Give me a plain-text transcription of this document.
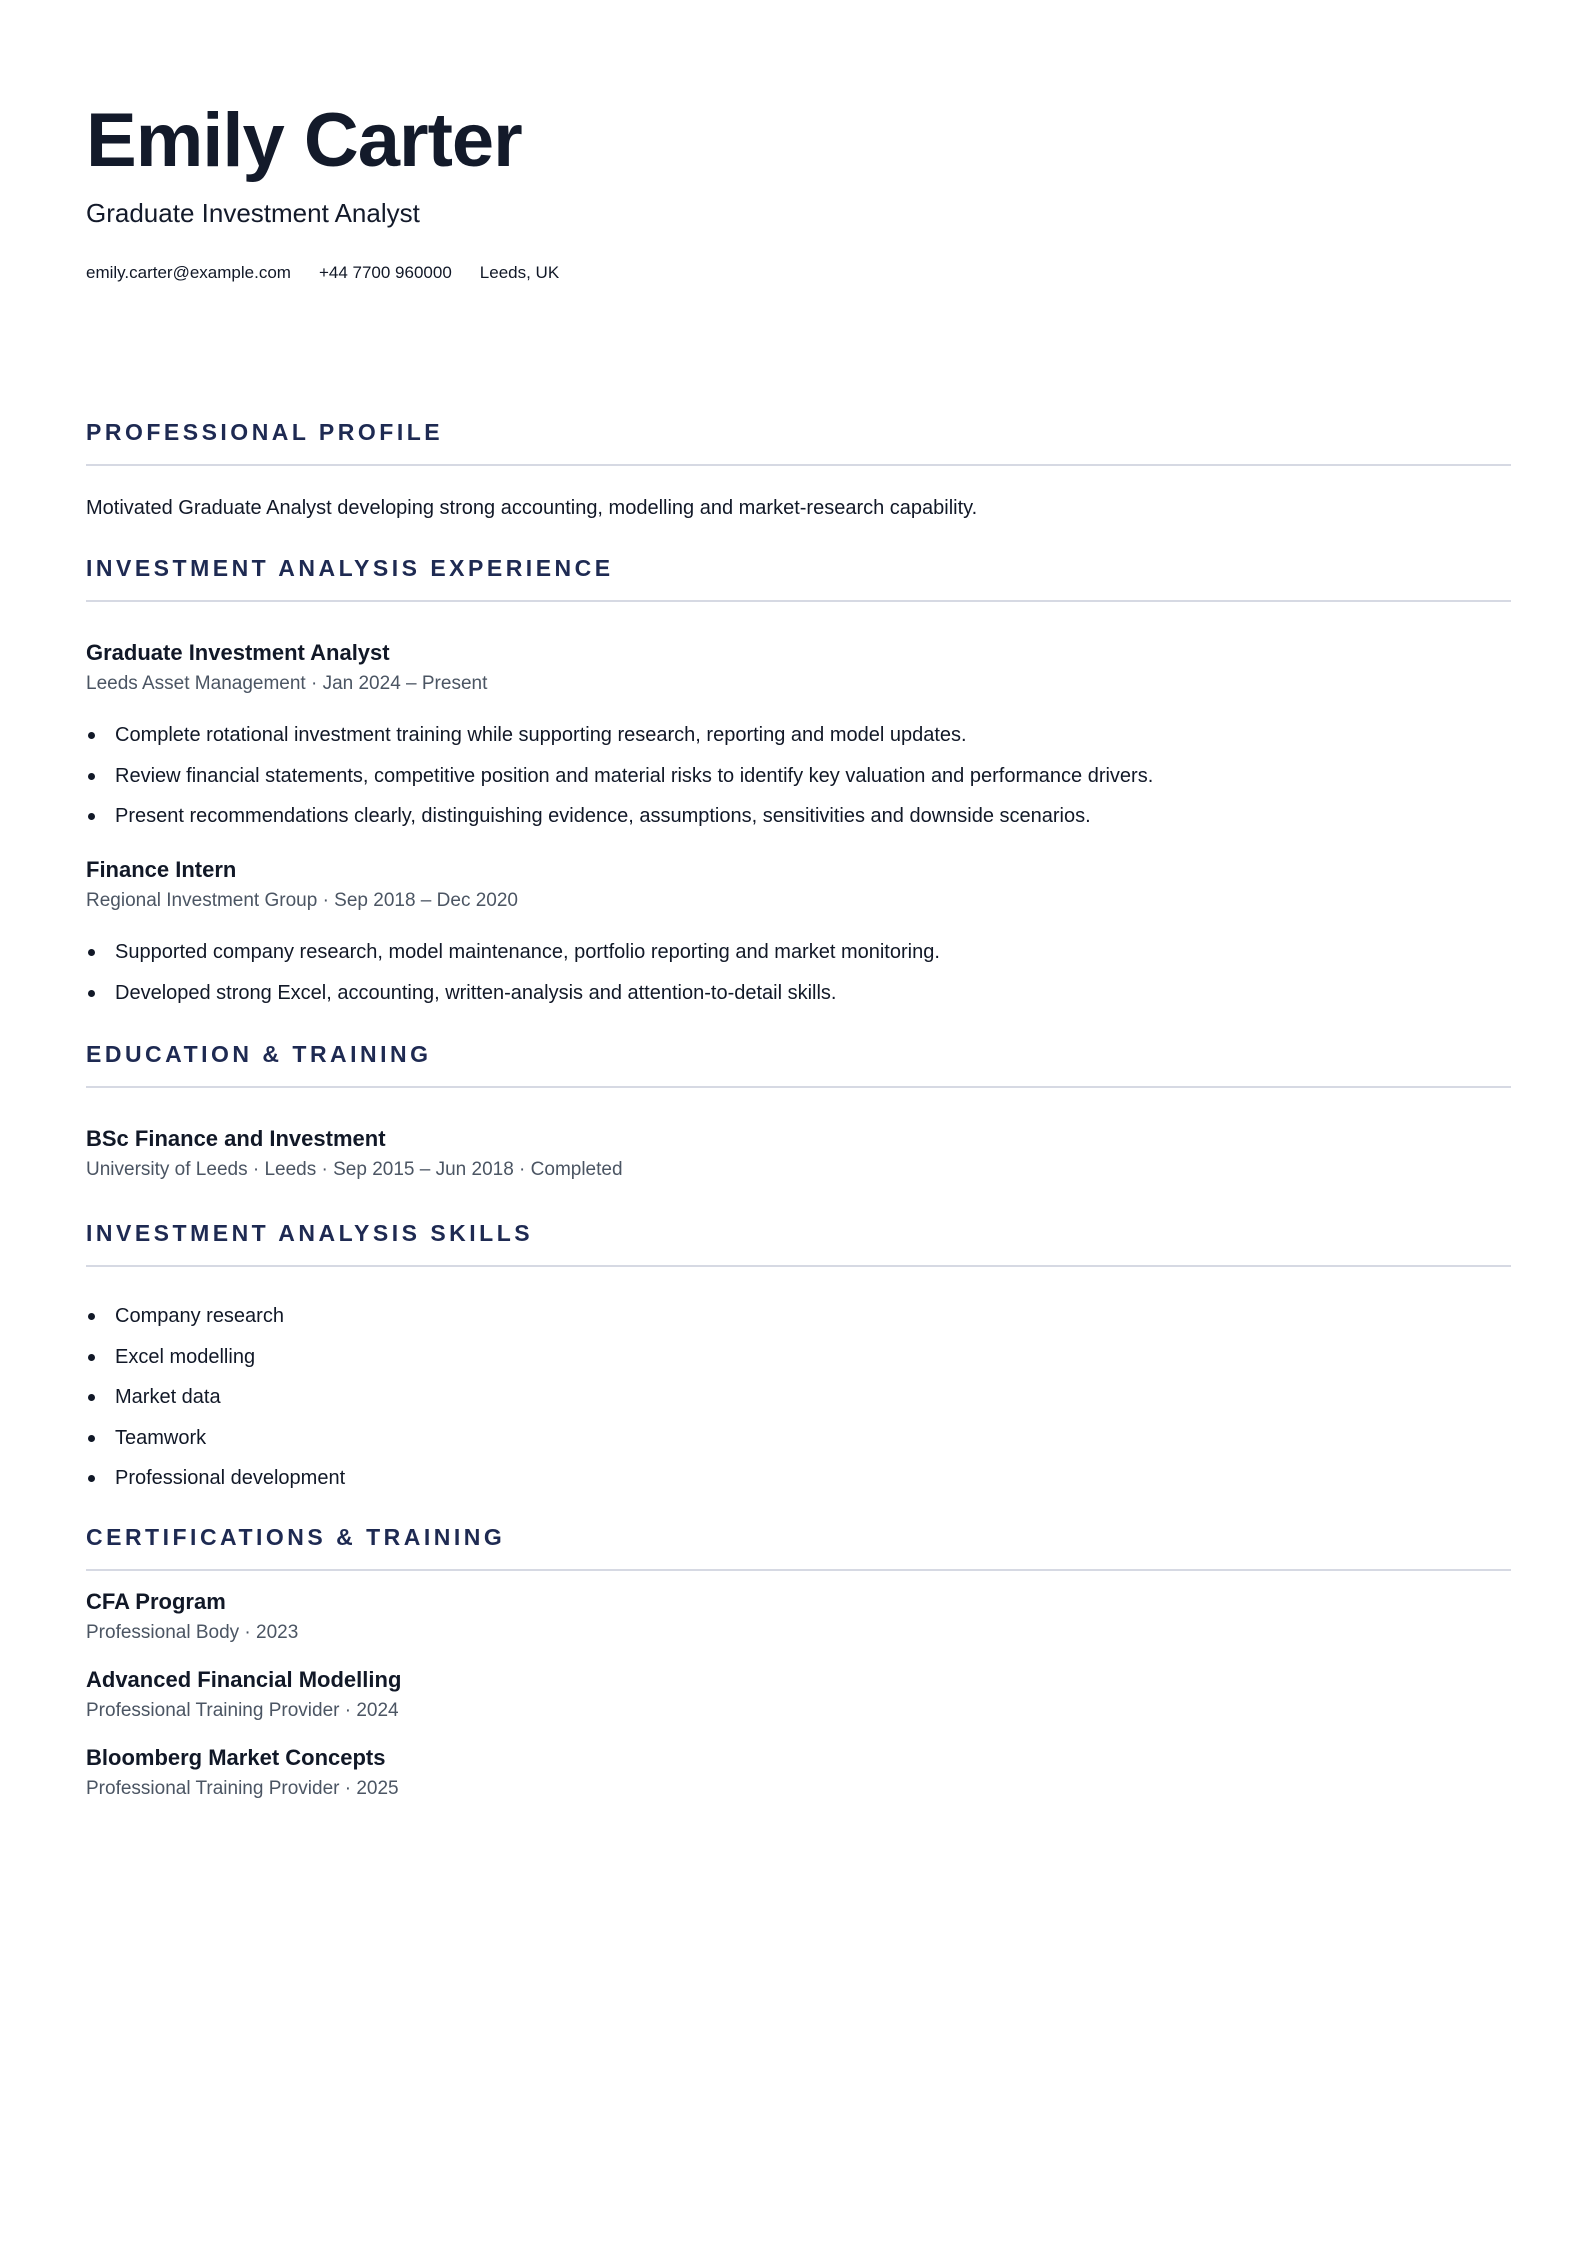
Emily Carter
Graduate Investment Analyst
emily.carter@example.com +44 7700 960000 Leeds, UK
PROFESSIONAL PROFILE
Motivated Graduate Analyst developing strong accounting, modelling and market-research capability.
INVESTMENT ANALYSIS EXPERIENCE
Graduate Investment Analyst
Leeds Asset Management · Jan 2024 – Present
Complete rotational investment training while supporting research, reporting and model updates.
Review financial statements, competitive position and material risks to identify key valuation and performance drivers.
Present recommendations clearly, distinguishing evidence, assumptions, sensitivities and downside scenarios.
Finance Intern
Regional Investment Group · Sep 2018 – Dec 2020
Supported company research, model maintenance, portfolio reporting and market monitoring.
Developed strong Excel, accounting, written-analysis and attention-to-detail skills.
EDUCATION & TRAINING
BSc Finance and Investment
University of Leeds · Leeds · Sep 2015 – Jun 2018 · Completed
INVESTMENT ANALYSIS SKILLS
Company research
Excel modelling
Market data
Teamwork
Professional development
CERTIFICATIONS & TRAINING
CFA Program
Professional Body · 2023
Advanced Financial Modelling
Professional Training Provider · 2024
Bloomberg Market Concepts
Professional Training Provider · 2025
